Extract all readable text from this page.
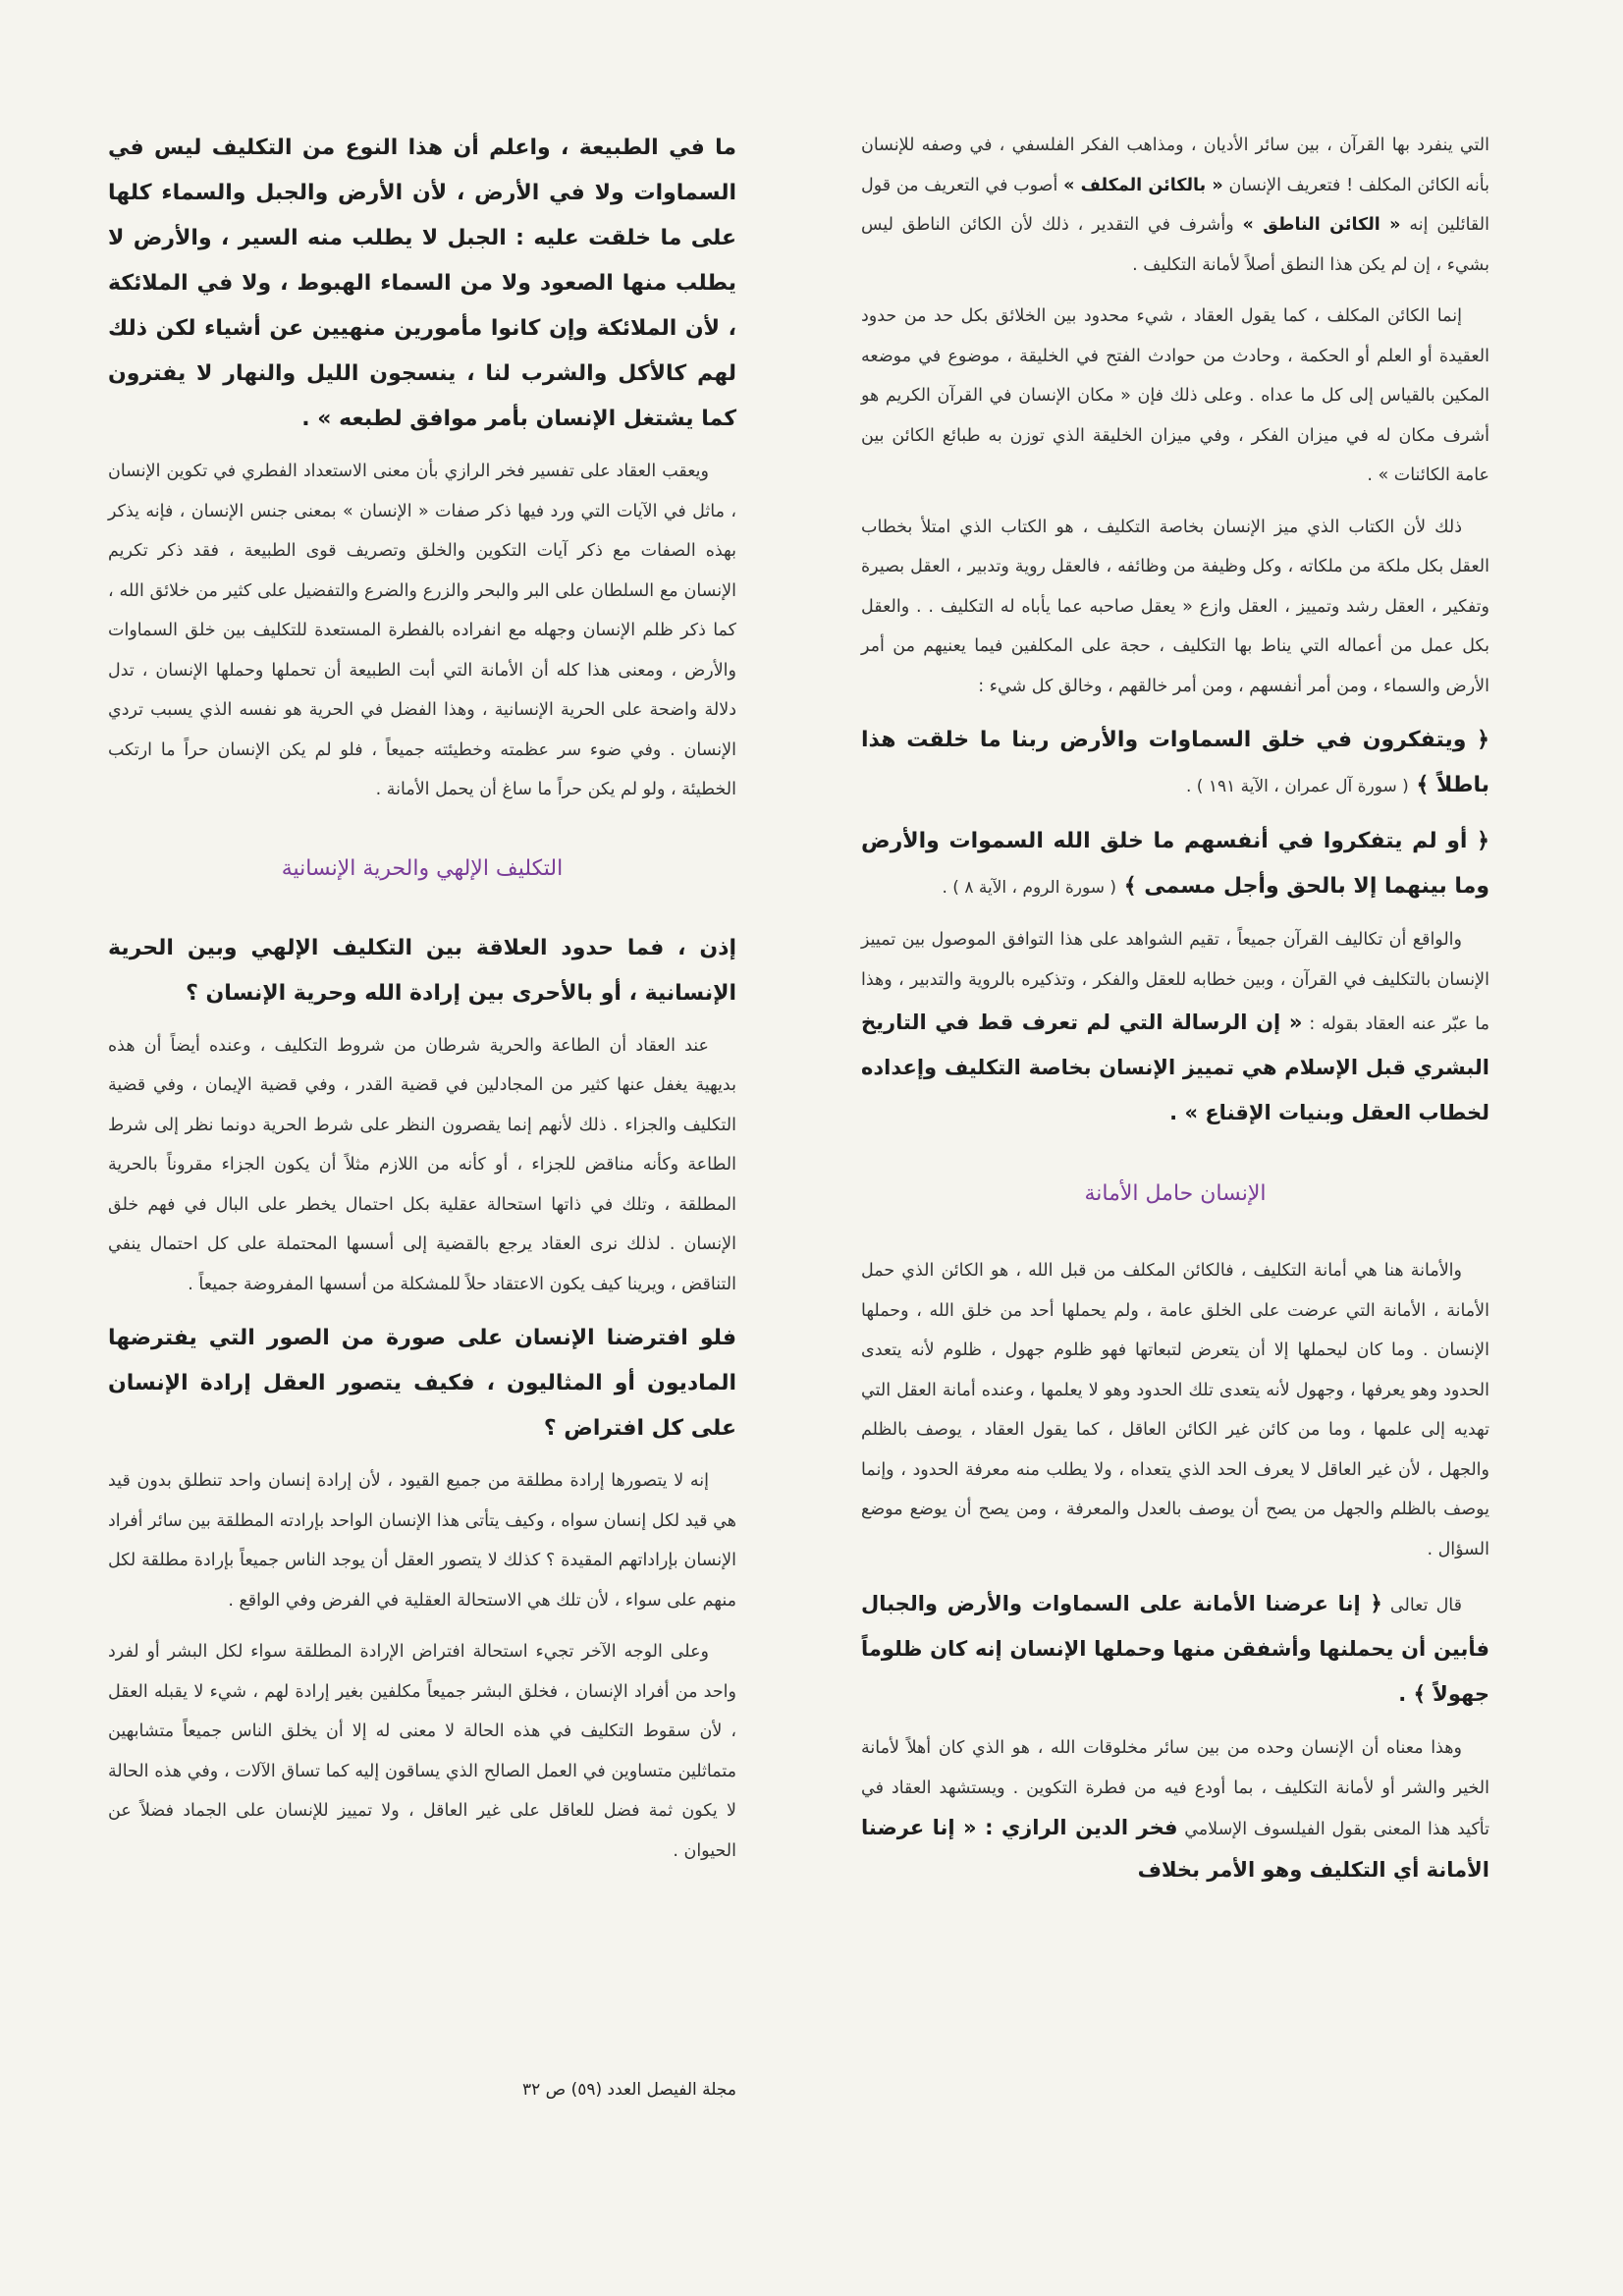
التي ينفرد بها القرآن ، بين سائر الأديان ، ومذاهب الفكر الفلسفي ، في وصفه للإنسان بأنه الكائن المكلف ! فتعريف الإنسان « بالكائن المكلف » أصوب في التعريف من قول القائلين إنه « الكائن الناطق » وأشرف في التقدير ، ذلك لأن الكائن الناطق ليس بشيء ، إن لم يكن هذا النطق أصلاً لأمانة التكليف .

إنما الكائن المكلف ، كما يقول العقاد ، شيء محدود بين الخلائق بكل حد من حدود العقيدة أو العلم أو الحكمة ، وحادث من حوادث الفتح في الخليقة ، موضوع في موضعه المكين بالقياس إلى كل ما عداه . وعلى ذلك فإن « مكان الإنسان في القرآن الكريم هو أشرف مكان له في ميزان الفكر ، وفي ميزان الخليقة الذي توزن به طبائع الكائن بين عامة الكائنات » .

ذلك لأن الكتاب الذي ميز الإنسان بخاصة التكليف ، هو الكتاب الذي امتلأ بخطاب العقل بكل ملكة من ملكاته ، وكل وظيفة من وظائفه ، فالعقل روية وتدبير ، العقل بصيرة وتفكير ، العقل رشد وتمييز ، العقل وازع « يعقل صاحبه عما يأباه له التكليف . . والعقل بكل عمل من أعماله التي يناط بها التكليف ، حجة على المكلفين فيما يعنيهم من أمر الأرض والسماء ، ومن أمر أنفسهم ، ومن أمر خالقهم ، وخالق كل شيء :

﴿ ويتفكرون في خلق السماوات والأرض ربنا ما خلقت هذا باطلاً ﴾ ( سورة آل عمران ، الآية ١٩١ ) .

﴿ أو لم يتفكروا في أنفسهم ما خلق الله السموات والأرض وما بينهما إلا بالحق وأجل مسمى ﴾ ( سورة الروم ، الآية ٨ ) .

والواقع أن تكاليف القرآن جميعاً ، تقيم الشواهد على هذا التوافق الموصول بين تمييز الإنسان بالتكليف في القرآن ، وبين خطابه للعقل والفكر ، وتذكيره بالروية والتدبير ، وهذا ما عبّر عنه العقاد بقوله : « إن الرسالة التي لم تعرف قط في التاريخ البشري قبل الإسلام هي تمييز الإنسان بخاصة التكليف وإعداده لخطاب العقل وبنيات الإقناع » .

الإنسان حامل الأمانة

والأمانة هنا هي أمانة التكليف ، فالكائن المكلف من قبل الله ، هو الكائن الذي حمل الأمانة ، الأمانة التي عرضت على الخلق عامة ، ولم يحملها أحد من خلق الله ، وحملها الإنسان . وما كان ليحملها إلا أن يتعرض لتبعاتها فهو ظلوم جهول ، ظلوم لأنه يتعدى الحدود وهو يعرفها ، وجهول لأنه يتعدى تلك الحدود وهو لا يعلمها ، وعنده أمانة العقل التي تهديه إلى علمها ، وما من كائن غير الكائن العاقل ، كما يقول العقاد ، يوصف بالظلم والجهل ، لأن غير العاقل لا يعرف الحد الذي يتعداه ، ولا يطلب منه معرفة الحدود ، وإنما يوصف بالظلم والجهل من يصح أن يوصف بالعدل والمعرفة ، ومن يصح أن يوضع موضع السؤال .

قال تعالى ﴿ إنا عرضنا الأمانة على السماوات والأرض والجبال فأبين أن يحملنها وأشفقن منها وحملها الإنسان إنه كان ظلوماً جهولاً ﴾ .

وهذا معناه أن الإنسان وحده من بين سائر مخلوقات الله ، هو الذي كان أهلاً لأمانة الخير والشر أو لأمانة التكليف ، بما أودع فيه من فطرة التكوين . ويستشهد العقاد في تأكيد هذا المعنى بقول الفيلسوف الإسلامي فخر الدين الرازي : « إنا عرضنا الأمانة أي التكليف وهو الأمر بخلاف

ما في الطبيعة ، واعلم أن هذا النوع من التكليف ليس في السماوات ولا في الأرض ، لأن الأرض والجبل والسماء كلها على ما خلقت عليه : الجبل لا يطلب منه السير ، والأرض لا يطلب منها الصعود ولا من السماء الهبوط ، ولا في الملائكة ، لأن الملائكة وإن كانوا مأمورين منهيين عن أشياء لكن ذلك لهم كالأكل والشرب لنا ، ينسجون الليل والنهار لا يفترون كما يشتغل الإنسان بأمر موافق لطبعه » .

ويعقب العقاد على تفسير فخر الرازي بأن معنى الاستعداد الفطري في تكوين الإنسان ، ماثل في الآيات التي ورد فيها ذكر صفات « الإنسان » بمعنى جنس الإنسان ، فإنه يذكر بهذه الصفات مع ذكر آيات التكوين والخلق وتصريف قوى الطبيعة ، فقد ذكر تكريم الإنسان مع السلطان على البر والبحر والزرع والضرع والتفضيل على كثير من خلائق الله ، كما ذكر ظلم الإنسان وجهله مع انفراده بالفطرة المستعدة للتكليف بين خلق السماوات والأرض ، ومعنى هذا كله أن الأمانة التي أبت الطبيعة أن تحملها وحملها الإنسان ، تدل دلالة واضحة على الحرية الإنسانية ، وهذا الفضل في الحرية هو نفسه الذي يسبب تردي الإنسان . وفي ضوء سر عظمته وخطيئته جميعاً ، فلو لم يكن الإنسان حراً ما ارتكب الخطيئة ، ولو لم يكن حراً ما ساغ أن يحمل الأمانة .

التكليف الإلهي والحرية الإنسانية

إذن ، فما حدود العلاقة بين التكليف الإلهي وبين الحرية الإنسانية ، أو بالأحرى بين إرادة الله وحرية الإنسان ؟

عند العقاد أن الطاعة والحرية شرطان من شروط التكليف ، وعنده أيضاً أن هذه بديهية يغفل عنها كثير من المجادلين في قضية القدر ، وفي قضية الإيمان ، وفي قضية التكليف والجزاء . ذلك لأنهم إنما يقصرون النظر على شرط الحرية دونما نظر إلى شرط الطاعة وكأنه مناقض للجزاء ، أو كأنه من اللازم مثلاً أن يكون الجزاء مقروناً بالحرية المطلقة ، وتلك في ذاتها استحالة عقلية بكل احتمال يخطر على البال في فهم خلق الإنسان . لذلك نرى العقاد يرجع بالقضية إلى أسسها المحتملة على كل احتمال ينفي التناقض ، ويرينا كيف يكون الاعتقاد حلاً للمشكلة من أسسها المفروضة جميعاً .

فلو افترضنا الإنسان على صورة من الصور التي يفترضها الماديون أو المثاليون ، فكيف يتصور العقل إرادة الإنسان على كل افتراض ؟

إنه لا يتصورها إرادة مطلقة من جميع القيود ، لأن إرادة إنسان واحد تنطلق بدون قيد هي قيد لكل إنسان سواه ، وكيف يتأتى هذا الإنسان الواحد بإرادته المطلقة بين سائر أفراد الإنسان بإراداتهم المقيدة ؟ كذلك لا يتصور العقل أن يوجد الناس جميعاً بإرادة مطلقة لكل منهم على سواء ، لأن تلك هي الاستحالة العقلية في الفرض وفي الواقع .

وعلى الوجه الآخر تجيء استحالة افتراض الإرادة المطلقة سواء لكل البشر أو لفرد واحد من أفراد الإنسان ، فخلق البشر جميعاً مكلفين بغير إرادة لهم ، شيء لا يقبله العقل ، لأن سقوط التكليف في هذه الحالة لا معنى له إلا أن يخلق الناس جميعاً متشابهين متماثلين متساوين في العمل الصالح الذي يساقون إليه كما تساق الآلات ، وفي هذه الحالة لا يكون ثمة فضل للعاقل على غير العاقل ، ولا تمييز للإنسان على الجماد فضلاً عن الحيوان .

مجلة الفيصل العدد (٥٩) ص ٣٢
